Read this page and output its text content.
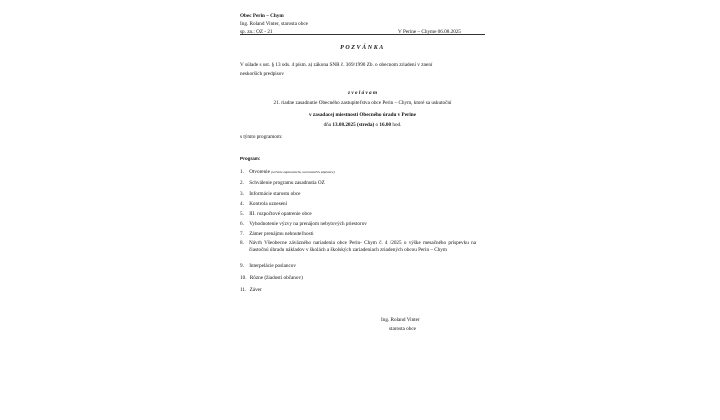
Obec Perin – Chym
Ing. Roland Vinter, starosta obce
sp. zn.: OZ - 21	V Perine – Chyme 06.08.2025
POZVÁNKA
V súlade s ust. § 13 ods. 4 písm. a) zákona SNR č. 369/1990 Zb. o obecnom zriadení v znení
neskorších predpisov
z v o l á v a m
21. riadne zasadnutie Obecného zastupiteľstva obce Perin – Chym, ktoré sa uskutoční
v zasadacej miestnosti Obecného úradu v Perine
dňa 13.08.2025 (streda) o 16.00 hod.
s týmto programom:
Program:
1. Otvorenie (určenie zapisovateľa, overovateľov zápisnice)
2. Schválenie programu zasadnutia OZ
3. Informácie starostu obce
4. Kontrola uznesení
5. III. rozpočtové opatrenie obce
6. Vyhodnotenie výzvy na prenájom nebytových priestorov
7. Zámer prenájmu nehnuteľnosti
8. Návrh Všeobecne záväzného nariadenia obce Perin- Chym č. 4 /2025 o výške mesačného príspevku na čiastočnú úhradu nákladov v školách a školských zariadeniach zriadených obcou Perin – Chym
9. Interpelácie poslancov
10. Rôzne (žiadosti občanov)
11. Záver
Ing. Roland Vinter
starosta obce
